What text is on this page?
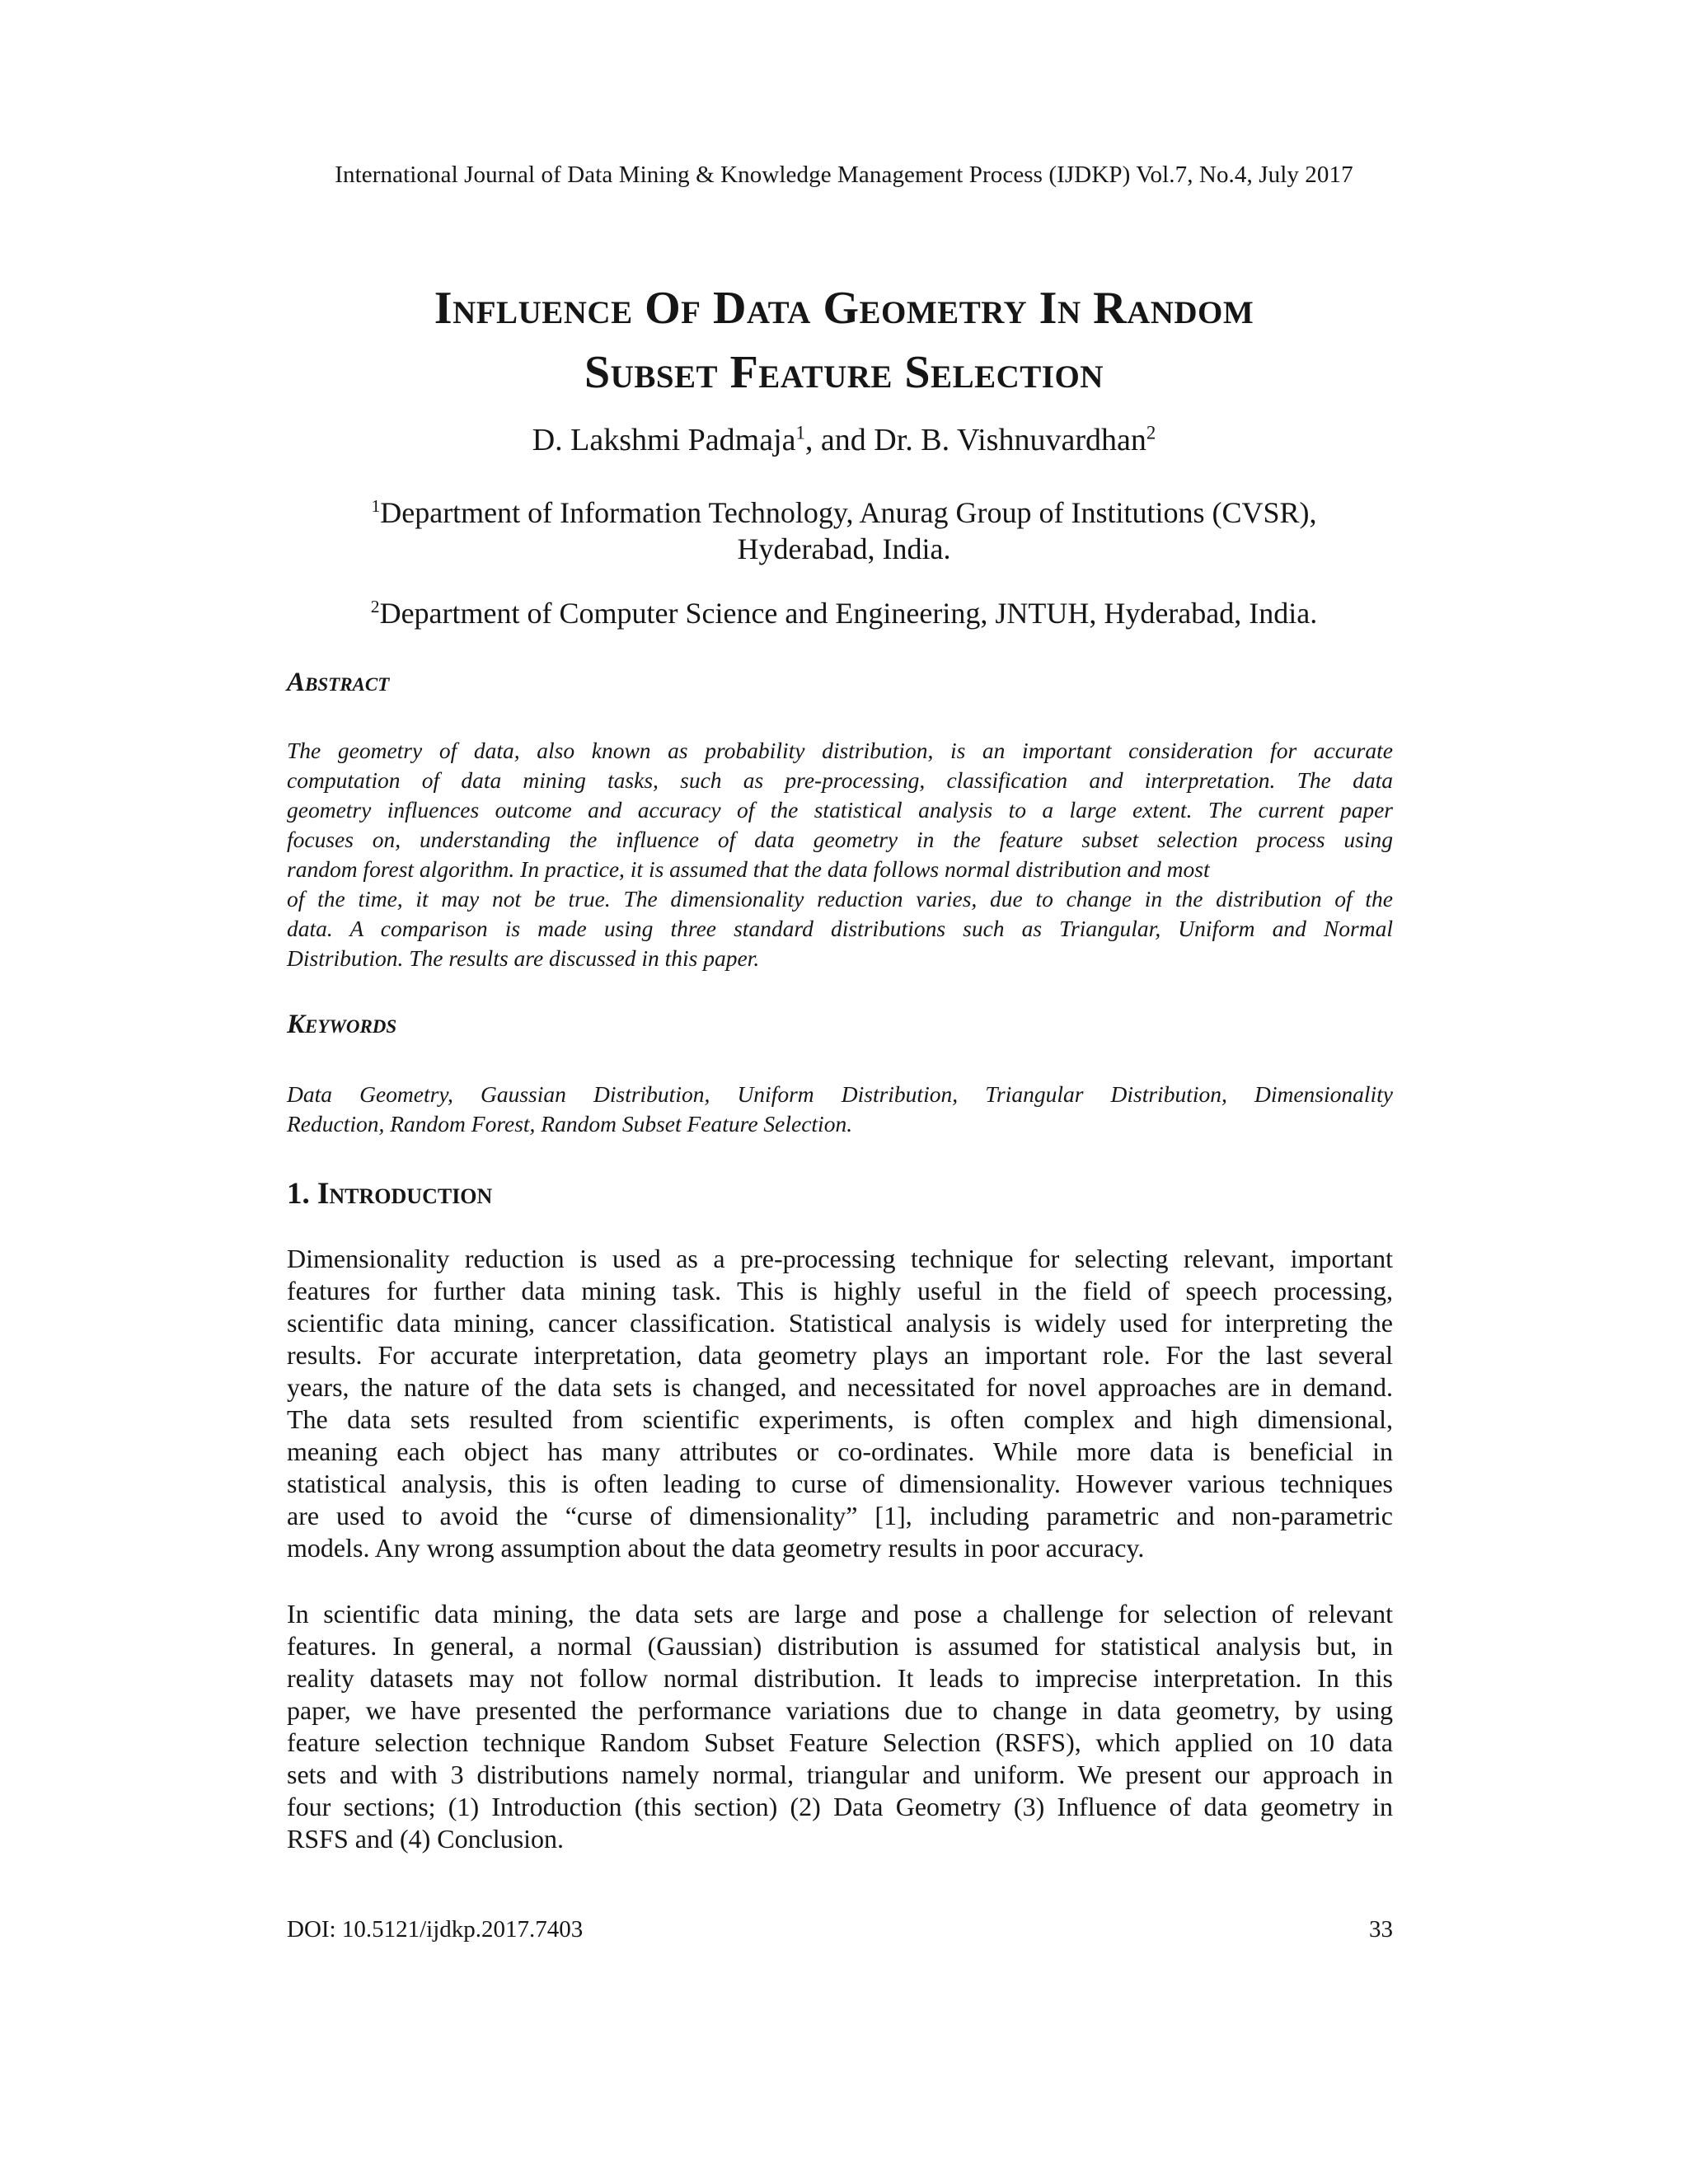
International Journal of Data Mining & Knowledge Management Process (IJDKP) Vol.7, No.4, July 2017
Influence Of Data Geometry In Random
Subset Feature Selection
D. Lakshmi Padmaja$^1$, and Dr. B. Vishnuvardhan$^2$
$^1$Department of Information Technology, Anurag Group of Institutions (CVSR),
Hyderabad, India.
$^2$Department of Computer Science and Engineering, JNTUH, Hyderabad, India.
Abstract
The geometry of data, also known as probability distribution, is an important consideration for accurate
computation of data mining tasks, such as pre-processing, classification and interpretation. The data
geometry influences outcome and accuracy of the statistical analysis to a large extent. The current paper
focuses on, understanding the influence of data geometry in the feature subset selection process using
random forest algorithm. In practice, it is assumed that the data follows normal distribution and most
of the time, it may not be true. The dimensionality reduction varies, due to change in the distribution of the
data. A comparison is made using three standard distributions such as Triangular, Uniform and Normal
Distribution. The results are discussed in this paper.
Keywords
Data Geometry, Gaussian Distribution, Uniform Distribution, Triangular Distribution, Dimensionality
Reduction, Random Forest, Random Subset Feature Selection.
1. Introduction
Dimensionality reduction is used as a pre-processing technique for selecting relevant, important
features for further data mining task. This is highly useful in the field of speech processing,
scientific data mining, cancer classification. Statistical analysis is widely used for interpreting the
results. For accurate interpretation, data geometry plays an important role. For the last several
years, the nature of the data sets is changed, and necessitated for novel approaches are in demand.
The data sets resulted from scientific experiments, is often complex and high dimensional,
meaning each object has many attributes or co-ordinates. While more data is beneficial in
statistical analysis, this is often leading to curse of dimensionality. However various techniques
are used to avoid the “curse of dimensionality” [1], including parametric and non-parametric
models. Any wrong assumption about the data geometry results in poor accuracy.
In scientific data mining, the data sets are large and pose a challenge for selection of relevant
features. In general, a normal (Gaussian) distribution is assumed for statistical analysis but, in
reality datasets may not follow normal distribution. It leads to imprecise interpretation. In this
paper, we have presented the performance variations due to change in data geometry, by using
feature selection technique Random Subset Feature Selection (RSFS), which applied on 10 data
sets and with 3 distributions namely normal, triangular and uniform. We present our approach in
four sections; (1) Introduction (this section) (2) Data Geometry (3) Influence of data geometry in
RSFS and (4) Conclusion.
DOI: 10.5121/ijdkp.2017.7403	33
